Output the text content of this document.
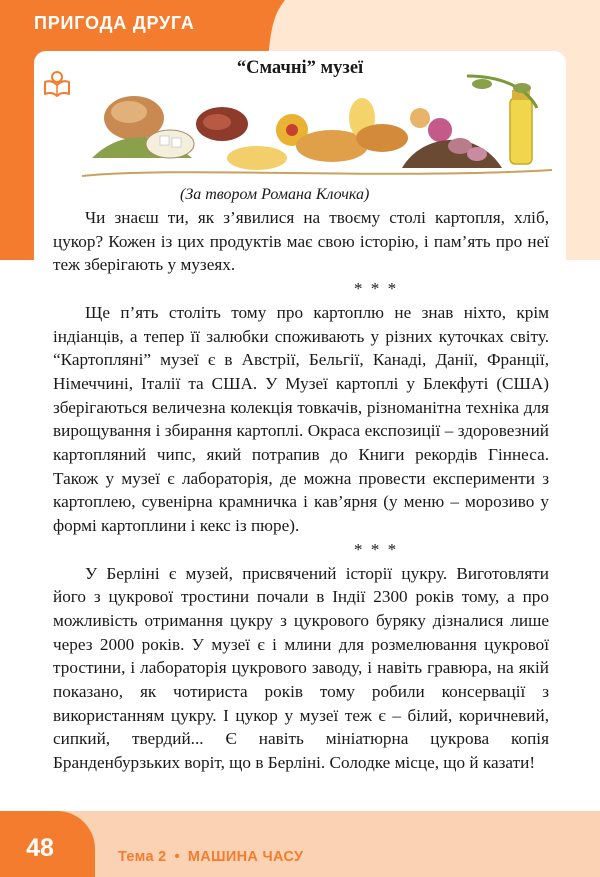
48	Тема 2 • МАШИНА ЧАСУ
ПРИГОДА ДРУГА
“Смачні” музеї
(За твором Романа Клочка)

Чи знаєш ти, як з’явилися на твоєму столі картопля, хліб, цукор? Кожен із цих продуктів має свою історію, і пам’ять про неї теж зберігають у музеях.

* * *

Ще п’ять століть тому про картоплю не знав ніхто, крім індіанців, а тепер її залюбки споживають у різних куточках світу. “Картопляні” музеї є в Австрії, Бельгії, Канаді, Данії, Франції, Німеччині, Італії та США. У Музеї картоплі у Блекфуті (США) зберігаються величезна колекція товкачів, різноманітна техніка для вирощування і збирання картоплі. Окраса експозиції – здоровезний картопляний чипс, який потрапив до Книги рекордів Гіннеса. Також у музеї є лабораторія, де можна провести експерименти з картоплею, сувенірна крамничка і кав’ярня (у меню – морозиво у формі картоплини і кекс із пюре).

* * *

У Берліні є музей, присвячений історії цукру. Виготовляти його з цукрової тростини почали в Індії 2300 років тому, а про можливість отримання цукру з цукрового буряку дізналися лише через 2000 років. У музеї є і млини для розмелювання цукрової тростини, і лабораторія цукрового заводу, і навіть гравюра, на якій показано, як чотириста років тому робили консервації з використанням цукру. І цукор у музеї теж є – білий, коричневий, сипкий, твердий... Є навіть мініатюрна цукрова копія Бранденбурзьких воріт, що в Берліні. Солодке місце, що й казати!
